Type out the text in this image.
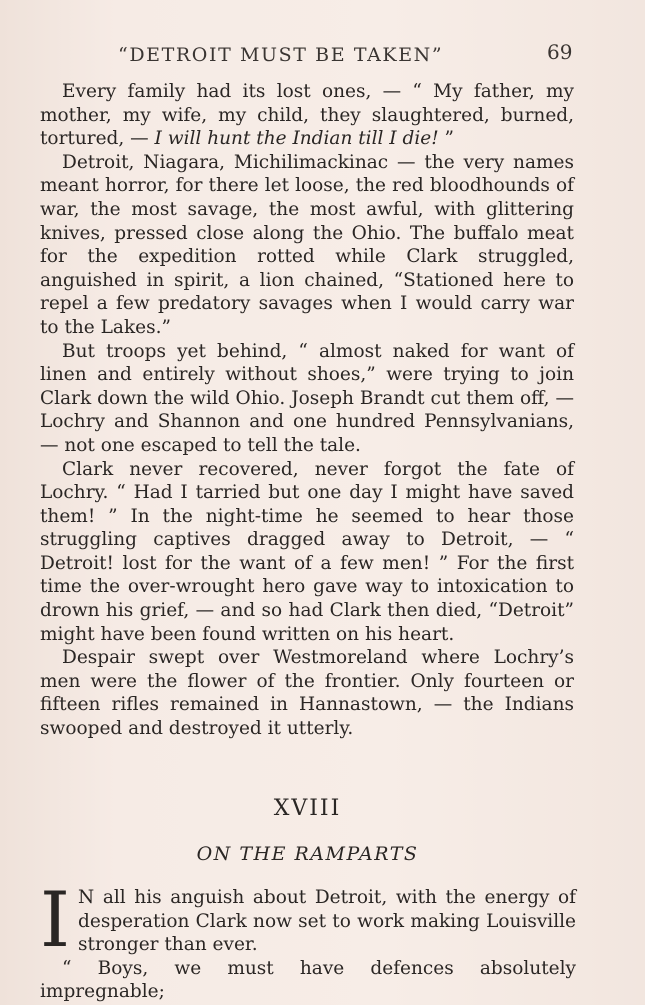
“DETROIT MUST BE TAKEN”	69

Every family had its lost ones, — “ My father, my mother, my wife, my child, they slaughtered, burned, tortured, — I will hunt the Indian till I die! ”

Detroit, Niagara, Michilimackinac — the very names meant horror, for there let loose, the red bloodhounds of war, the most savage, the most awful, with glittering knives, pressed close along the Ohio. The buffalo meat for the expedition rotted while Clark struggled, anguished in spirit, a lion chained, “Stationed here to repel a few predatory savages when I would carry war to the Lakes.”

But troops yet behind, “ almost naked for want of linen and entirely without shoes,” were trying to join Clark down the wild Ohio. Joseph Brandt cut them off, — Lochry and Shannon and one hundred Pennsylvanians, — not one escaped to tell the tale.

Clark never recovered, never forgot the fate of Lochry. “ Had I tarried but one day I might have saved them! ” In the night-time he seemed to hear those struggling captives dragged away to Detroit, — “ Detroit! lost for the want of a few men! ” For the first time the over-wrought hero gave way to intoxication to drown his grief, — and so had Clark then died, “Detroit” might have been found written on his heart.

Despair swept over Westmoreland where Lochry’s men were the flower of the frontier. Only fourteen or fifteen rifles remained in Hannastown, — the Indians swooped and destroyed it utterly.

XVIII
ON THE RAMPARTS
I N all his anguish about Detroit, with the energy of desperation Clark now set to work making Louisville stronger than ever.

“ Boys, we must have defences absolutely impregnable;
